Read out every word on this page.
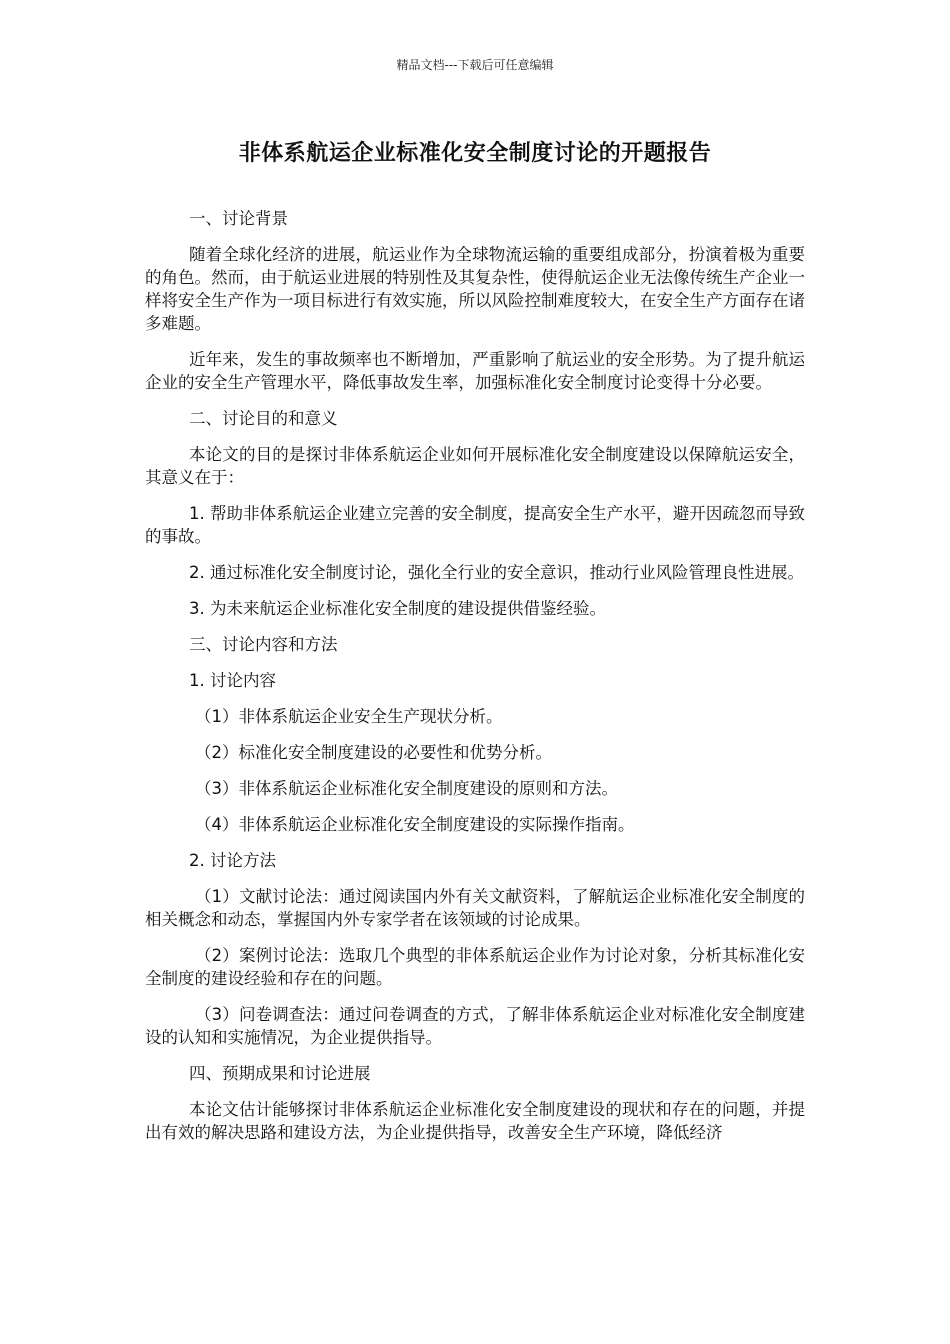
精品文档---下载后可任意编辑
非体系航运企业标准化安全制度讨论的开题报告

一、讨论背景

随着全球化经济的进展，航运业作为全球物流运输的重要组成部分，扮演着极为重要的角色。然而，由于航运业进展的特别性及其复杂性，使得航运企业无法像传统生产企业一样将安全生产作为一项目标进行有效实施，所以风险控制难度较大，在安全生产方面存在诸多难题。

近年来，发生的事故频率也不断增加，严重影响了航运业的安全形势。为了提升航运企业的安全生产管理水平，降低事故发生率，加强标准化安全制度讨论变得十分必要。

二、讨论目的和意义

本论文的目的是探讨非体系航运企业如何开展标准化安全制度建设以保障航运安全，其意义在于：

1. 帮助非体系航运企业建立完善的安全制度，提高安全生产水平，避开因疏忽而导致的事故。

2. 通过标准化安全制度讨论，强化全行业的安全意识，推动行业风险管理良性进展。

3. 为未来航运企业标准化安全制度的建设提供借鉴经验。

三、讨论内容和方法

1. 讨论内容

（1）非体系航运企业安全生产现状分析。

（2）标准化安全制度建设的必要性和优势分析。

（3）非体系航运企业标准化安全制度建设的原则和方法。

（4）非体系航运企业标准化安全制度建设的实际操作指南。

2. 讨论方法

（1）文献讨论法：通过阅读国内外有关文献资料，了解航运企业标准化安全制度的相关概念和动态，掌握国内外专家学者在该领域的讨论成果。

（2）案例讨论法：选取几个典型的非体系航运企业作为讨论对象，分析其标准化安全制度的建设经验和存在的问题。

（3）问卷调查法：通过问卷调查的方式，了解非体系航运企业对标准化安全制度建设的认知和实施情况，为企业提供指导。

四、预期成果和讨论进展

本论文估计能够探讨非体系航运企业标准化安全制度建设的现状和存在的问题，并提出有效的解决思路和建设方法，为企业提供指导，改善安全生产环境，降低经济
